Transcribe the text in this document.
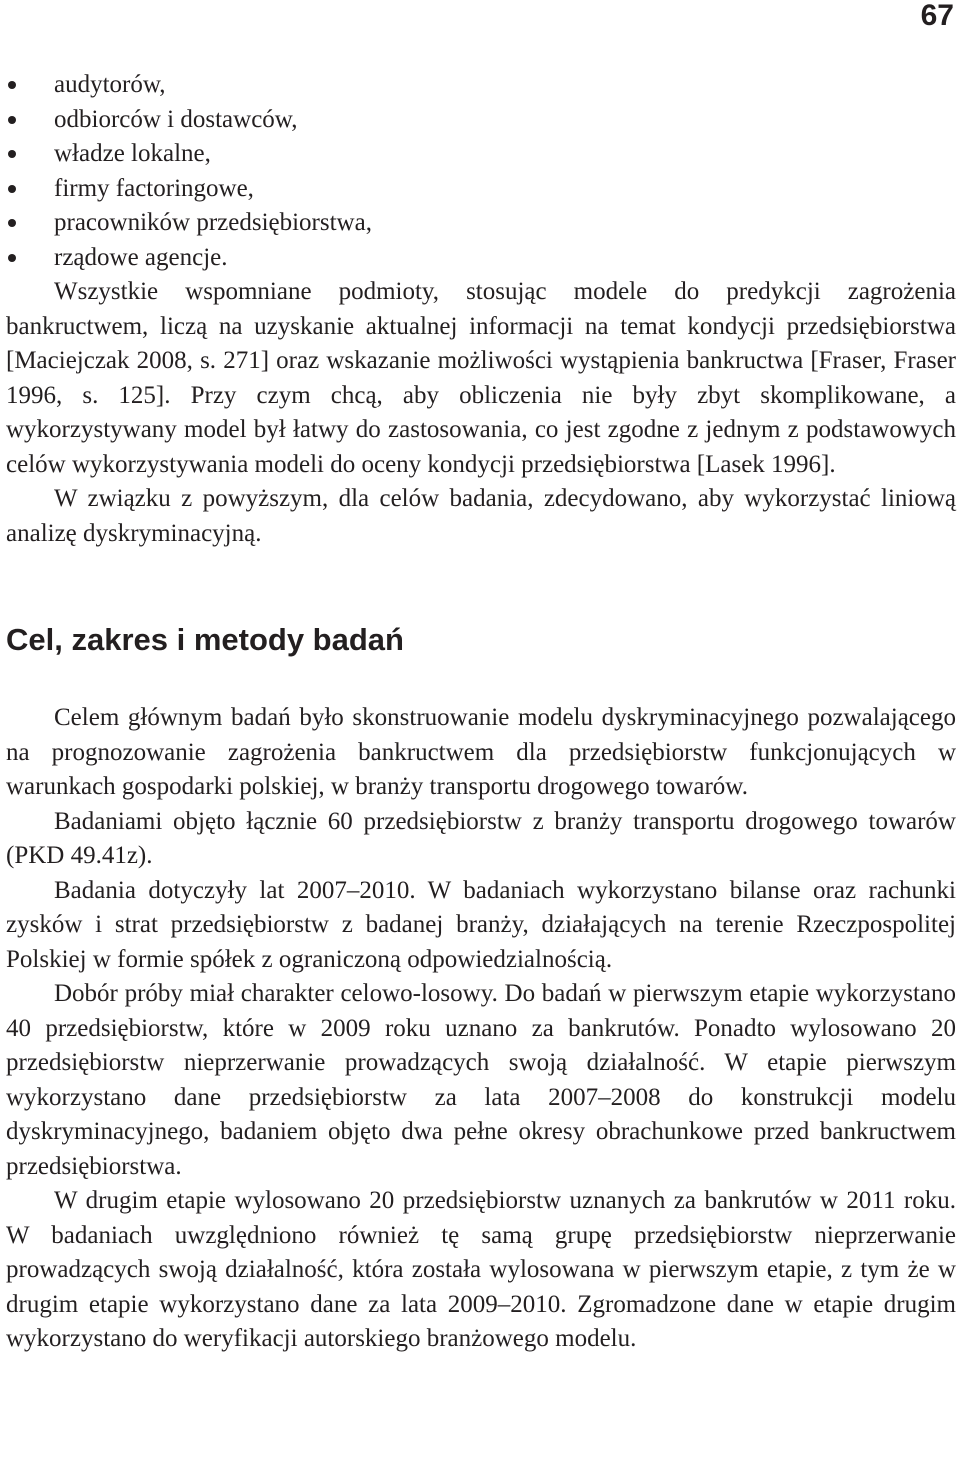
67
audytorów,
odbiorców i dostawców,
władze lokalne,
firmy factoringowe,
pracowników przedsiębiorstwa,
rządowe agencje.

Wszystkie wspomniane podmioty, stosując modele do predykcji zagrożenia bankructwem, liczą na uzyskanie aktualnej informacji na temat kondycji przedsiębiorstwa [Maciejczak 2008, s. 271] oraz wskazanie możliwości wystąpienia bankructwa [Fraser, Fraser 1996, s. 125]. Przy czym chcą, aby obliczenia nie były zbyt skomplikowane, a wykorzystywany model był łatwy do zastosowania, co jest zgodne z jednym z podstawowych celów wykorzystywania modeli do oceny kondycji przedsiębiorstwa [Lasek 1996].

W związku z powyższym, dla celów badania, zdecydowano, aby wykorzystać liniową analizę dyskryminacyjną.

Cel, zakres i metody badań

Celem głównym badań było skonstruowanie modelu dyskryminacyjnego pozwalającego na prognozowanie zagrożenia bankructwem dla przedsiębiorstw funkcjonujących w warunkach gospodarki polskiej, w branży transportu drogowego towarów.

Badaniami objęto łącznie 60 przedsiębiorstw z branży transportu drogowego towarów (PKD 49.41z).

Badania dotyczyły lat 2007–2010. W badaniach wykorzystano bilanse oraz rachunki zysków i strat przedsiębiorstw z badanej branży, działających na terenie Rzeczpospolitej Polskiej w formie spółek z ograniczoną odpowiedzialnością.

Dobór próby miał charakter celowo-losowy. Do badań w pierwszym etapie wykorzystano 40 przedsiębiorstw, które w 2009 roku uznano za bankrutów. Ponadto wylosowano 20 przedsiębiorstw nieprzerwanie prowadzących swoją działalność. W etapie pierwszym wykorzystano dane przedsiębiorstw za lata 2007–2008 do konstrukcji modelu dyskryminacyjnego, badaniem objęto dwa pełne okresy obrachunkowe przed bankructwem przedsiębiorstwa.

W drugim etapie wylosowano 20 przedsiębiorstw uznanych za bankrutów w 2011 roku. W badaniach uwzględniono również tę samą grupę przedsiębiorstw nieprzerwanie prowadzących swoją działalność, która została wylosowana w pierwszym etapie, z tym że w drugim etapie wykorzystano dane za lata 2009–2010. Zgromadzone dane w etapie drugim wykorzystano do weryfikacji autorskiego branżowego modelu.
